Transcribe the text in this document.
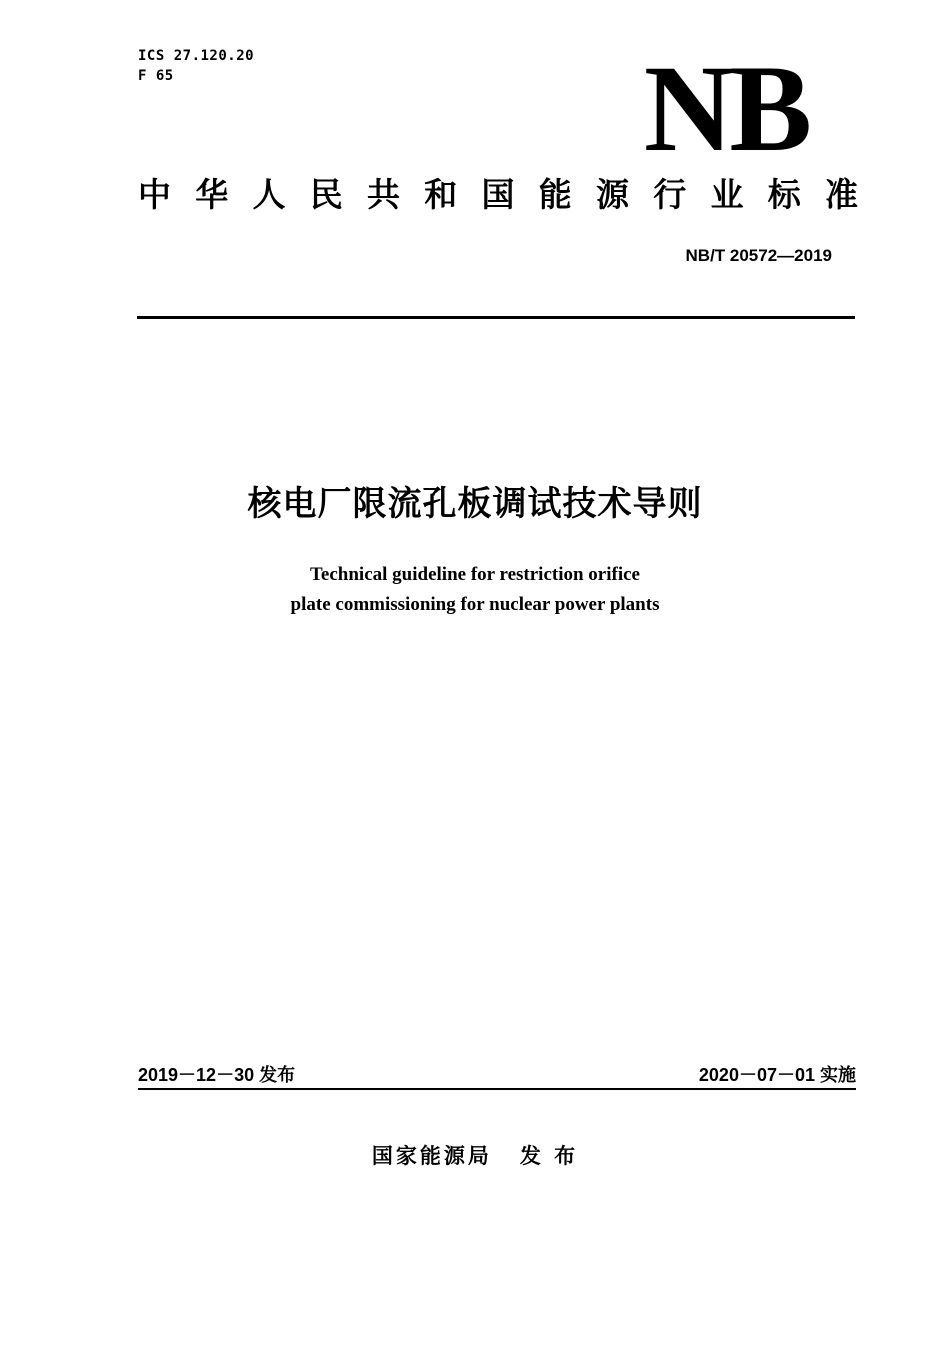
ICS 27.120.20
F 65	NB
中 华 人 民 共 和 国 能 源 行 业 标 准
NB/T 20572—2019
核电厂限流孔板调试技术导则
Technical guideline for restriction orifice
plate commissioning for nuclear power plants
2019－12－30 发布	2020－07－01 实施
国家能源局 发 布
